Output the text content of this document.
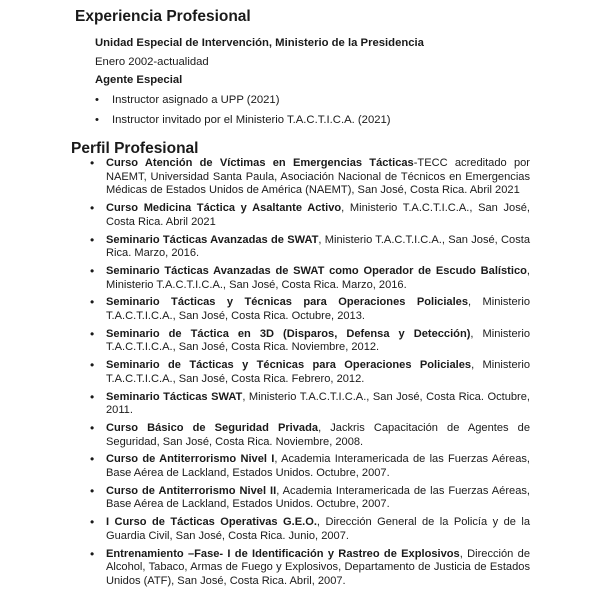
Experiencia Profesional
Unidad Especial de Intervención, Ministerio de la Presidencia
Enero 2002-actualidad
Agente Especial
• Instructor asignado a UPP (2021)
• Instructor invitado por el Ministerio T.A.C.T.I.C.A. (2021)
Perfil Profesional
• Curso Atención de Víctimas en Emergencias Tácticas-TECC acreditado por NAEMT, Universidad Santa Paula, Asociación Nacional de Técnicos en Emergencias Médicas de Estados Unidos de América (NAEMT), San José, Costa Rica. Abril 2021
• Curso Medicina Táctica y Asaltante Activo, Ministerio T.A.C.T.I.C.A., San José, Costa Rica. Abril 2021
• Seminario Tácticas Avanzadas de SWAT, Ministerio T.A.C.T.I.C.A., San José, Costa Rica. Marzo, 2016.
• Seminario Tácticas Avanzadas de SWAT como Operador de Escudo Balístico, Ministerio T.A.C.T.I.C.A., San José, Costa Rica. Marzo, 2016.
• Seminario Tácticas y Técnicas para Operaciones Policiales, Ministerio T.A.C.T.I.C.A., San José, Costa Rica. Octubre, 2013.
• Seminario de Táctica en 3D (Disparos, Defensa y Detección), Ministerio T.A.C.T.I.C.A., San José, Costa Rica. Noviembre, 2012.
• Seminario de Tácticas y Técnicas para Operaciones Policiales, Ministerio T.A.C.T.I.C.A., San José, Costa Rica. Febrero, 2012.
• Seminario Tácticas SWAT, Ministerio T.A.C.T.I.C.A., San José, Costa Rica. Octubre, 2011.
• Curso Básico de Seguridad Privada, Jackris Capacitación de Agentes de Seguridad, San José, Costa Rica. Noviembre, 2008.
• Curso de Antiterrorismo Nivel I, Academia Interamericada de las Fuerzas Aéreas, Base Aérea de Lackland, Estados Unidos. Octubre, 2007.
• Curso de Antiterrorismo Nivel II, Academia Interamericada de las Fuerzas Aéreas, Base Aérea de Lackland, Estados Unidos. Octubre, 2007.
• I Curso de Tácticas Operativas G.E.O., Dirección General de la Policía y de la Guardia Civil, San José, Costa Rica. Junio, 2007.
• Entrenamiento –Fase- I de Identificación y Rastreo de Explosivos, Dirección de Alcohol, Tabaco, Armas de Fuego y Explosivos, Departamento de Justicia de Estados Unidos (ATF), San José, Costa Rica. Abril, 2007.
